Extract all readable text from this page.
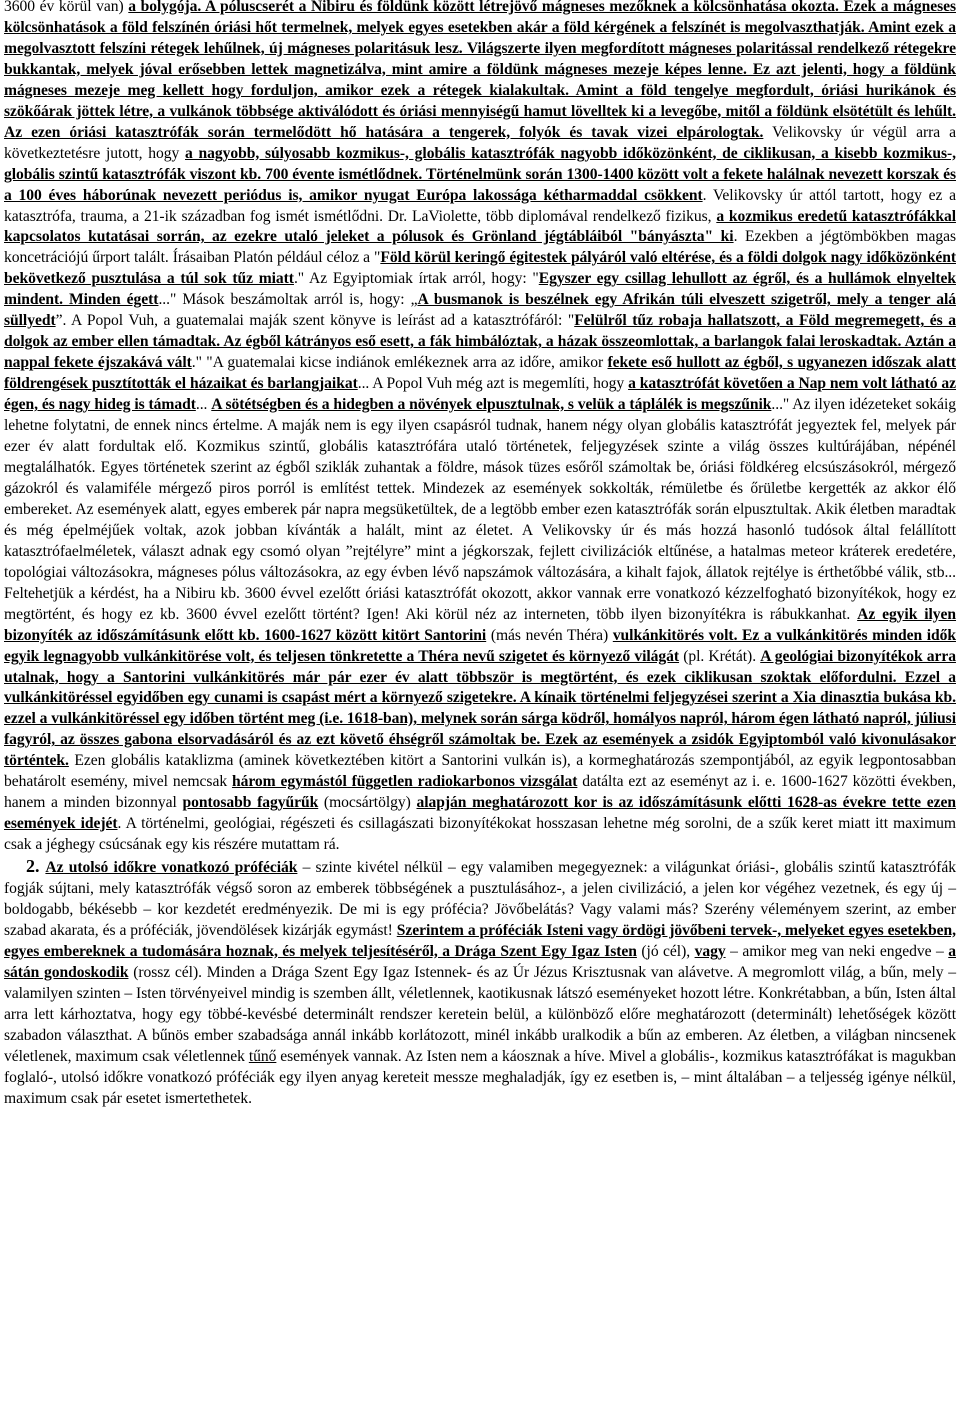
3600 év körül van) a bolygója. A póluscserét a Nibiru és földünk között létrejövő mágneses mezőknek a kölcsönhatása okozta. Ezek a mágneses kölcsönhatások a föld felszínén óriási hőt termelnek, melyek egyes esetekben akár a föld kérgének a felszínét is megolvaszthatják. Amint ezek a megolvasztott felszíni rétegek lehűlnek, új mágneses polaritásuk lesz. Világszerte ilyen megfordított mágneses polaritással rendelkező rétegekre bukkantak, melyek jóval erősebben lettek magnetizálva, mint amire a földünk mágneses mezeje képes lenne. Ez azt jelenti, hogy a földünk mágneses mezeje meg kellett hogy forduljon, amikor ezek a rétegek kialakultak. Amint a föld tengelye megfordult, óriási hurikánok és szökőárak jöttek létre, a vulkánok többsége aktiválódott és óriási mennyiségű hamut lövelltek ki a levegőbe, mitől a földünk elsötétült és lehűlt. Az ezen óriási katasztrófák során termelődött hő hatására a tengerek, folyók és tavak vizei elpárologtak. Velikovsky úr végül arra a következtetésre jutott, hogy a nagyobb, súlyosabb kozmikus-, globális katasztrófák nagyobb időközönként, de ciklikusan, a kisebb kozmikus-, globális szintű katasztrófák viszont kb. 700 évente ismétlődnek. Történelmünk során 1300-1400 között volt a fekete halálnak nevezett korszak és a 100 éves háborúnak nevezett periódus is, amikor nyugat Európa lakossága kétharmaddal csökkent. Velikovsky úr attól tartott, hogy ez a katasztrófa, trauma, a 21-ik században fog ismét ismétlődni. Dr. LaViolette, több diplomával rendelkező fizikus, a kozmikus eredetű katasztrófákkal kapcsolatos kutatásai sorrán, az ezekre utaló jeleket a pólusok és Grönland jégtábláiból "bányászta" ki. Ezekben a jégtömbökben magas koncetrációjú űrport talált. Írásaiban Platón például céloz a "Föld körül keringő égitestek pályáról való eltérése, és a földi dolgok nagy időközönként bekövetkező pusztulása a túl sok tűz miatt." Az Egyiptomiak írtak arról, hogy: "Egyszer egy csillag lehullott az égről, és a hullámok elnyeltek mindent. Minden égett..." Mások beszámoltak arról is, hogy: „A busmanok is beszélnek egy Afrikán túli elveszett szigetről, mely a tenger alá süllyedt”. A Popol Vuh, a guatemalai maják szent könyve is leírást ad a katasztrófáról: "Felülről tűz robaja hallatszott, a Föld megremegett, és a dolgok az ember ellen támadtak. Az égből kátrányos eső esett, a fák himbálóztak, a házak összeomlottak, a barlangok falai leroskadtak. Aztán a nappal fekete éjszakává vált." "A guatemalai kicse indiánok emlékeznek arra az időre, amikor fekete eső hullott az égből, s ugyanezen időszak alatt földrengések pusztították el házaikat és barlangjaikat... A Popol Vuh még azt is megemlíti, hogy a katasztrófát követően a Nap nem volt látható az égen, és nagy hideg is támadt... A sötétségben és a hidegben a növények elpusztulnak, s velük a táplálék is megszűnik..." Az ilyen idézeteket sokáig lehetne folytatni, de ennek nincs értelme. A maják nem is egy ilyen csapásról tudnak, hanem négy olyan globális katasztrófát jegyeztek fel, melyek pár ezer év alatt fordultak elő. Kozmikus szintű, globális katasztrófára utaló történetek, feljegyzések szinte a világ összes kultúrájában, népénél megtalálhatók. Egyes történetek szerint az égből sziklák zuhantak a földre, mások tüzes esőről számoltak be, óriási földkéreg elcsúszásokról, mérgező gázokról és valamiféle mérgező piros porról is említést tettek. Mindezek az események sokkolták, rémületbe és őrületbe kergették az akkor élő embereket. Az események alatt, egyes emberek pár napra megsüketültek, de a legtöbb ember ezen katasztrófák során elpusztultak. Akik életben maradtak és még épelméjűek voltak, azok jobban kívánták a halált, mint az életet. A Velikovsky úr és más hozzá hasonló tudósok által felállított katasztrófaelméletek, választ adnak egy csomó olyan ”rejtélyre” mint a jégkorszak, fejlett civilizációk eltűnése, a hatalmas meteor kráterek eredetére, topológiai változásokra, mágneses pólus változásokra, az egy évben lévő napszámok változására, a kihalt fajok, állatok rejtélye is érthetőbbé válik, stb... Feltehetjük a kérdést, ha a Nibiru kb. 3600 évvel ezelőtt óriási katasztrófát okozott, akkor vannak erre vonatkozó kézzelfogható bizonyítékok, hogy ez megtörtént, és hogy ez kb. 3600 évvel ezelőtt történt? Igen! Aki körül néz az interneten, több ilyen bizonyítékra is rábukkanhat. Az egyik ilyen bizonyíték az időszámításunk előtt kb. 1600-1627 között kitört Santorini (más nevén Théra) vulkánkitörés volt. Ez a vulkánkitörés minden idők egyik legnagyobb vulkánkitörése volt, és teljesen tönkretette a Théra nevű szigetet és környező világát (pl. Krétát). A geológiai bizonyítékok arra utalnak, hogy a Santorini vulkánkitörés már pár ezer év alatt többször is megtörtént, és ezek ciklikusan szoktak előfordulni. Ezzel a vulkánkitöréssel egyidőben egy cunami is csapást mért a környező szigetekre. A kínaik történelmi feljegyzései szerint a Xia dinasztia bukása kb. ezzel a vulkánkitöréssel egy időben történt meg (i.e. 1618-ban), melynek során sárga ködről, homályos napról, három égen látható napról, júliusi fagyról, az összes gabona elsorvadásáról és az ezt követő éhségről számoltak be. Ezek az események a zsidók Egyiptomból való kivonulásakor történtek. Ezen globális kataklizma (aminek következtében kitört a Santorini vulkán is), a kormeghatározás szempontjából, az egyik legpontosabban behatárolt esemény, mivel nemcsak három egymástól független radiokarbonos vizsgálat datálta ezt az eseményt az i. e. 1600-1627 közötti években, hanem a minden bizonnyal pontosabb fagyűrűk (mocsártölgy) alapján meghatározott kor is az időszámításunk előtti 1628-as évekre tette ezen események idejét. A történelmi, geológiai, régészeti és csillagászati bizonyítékokat hosszasan lehetne még sorolni, de a szűk keret miatt itt maximum csak a jéghegy csúcsának egy kis részére mutattam rá.

2. Az utolsó időkre vonatkozó próféciák – szinte kivétel nélkül – egy valamiben megegyeznek: a világunkat óriási-, globális szintű katasztrófák fogják sújtani, mely katasztrófák végső soron az emberek többségének a pusztulásához-, a jelen civilizáció, a jelen kor végéhez vezetnek, és egy új – boldogabb, békésebb – kor kezdetét eredményezik. De mi is egy prófécia? Jövőbelátás? Vagy valami más? Szerény véleményem szerint, az ember szabad akarata, és a próféciák, jövendölések kizárják egymást! Szerintem a próféciák Isteni vagy ördögi jövőbeni tervek-, melyeket egyes esetekben, egyes embereknek a tudomására hoznak, és melyek teljesítéséről, a Drága Szent Egy Igaz Isten (jó cél), vagy – amikor meg van neki engedve – a sátán gondoskodik (rossz cél). Minden a Drága Szent Egy Igaz Istennek- és az Úr Jézus Krisztusnak van alávetve. A megromlott világ, a bűn, mely – valamilyen szinten – Isten törvényeivel mindig is szemben állt, véletlennek, kaotikusnak látszó eseményeket hozott létre. Konkrétabban, a bűn, Isten által arra lett kárhoztatva, hogy egy többé-kevésbé determinált rendszer keretein belül, a különböző előre meghatározott (determinált) lehetőségek között szabadon választhat. A bűnös ember szabadsága annál inkább korlátozott, minél inkább uralkodik a bűn az emberen. Az életben, a világban nincsenek véletlenek, maximum csak véletlennek tűnő események vannak. Az Isten nem a káosznak a híve. Mivel a globális-, kozmikus katasztrófákat is magukban foglaló-, utolsó időkre vonatkozó próféciák egy ilyen anyag kereteit messze meghaladják, így ez esetben is, – mint általában – a teljesség igénye nélkül, maximum csak pár esetet ismertethetek.
